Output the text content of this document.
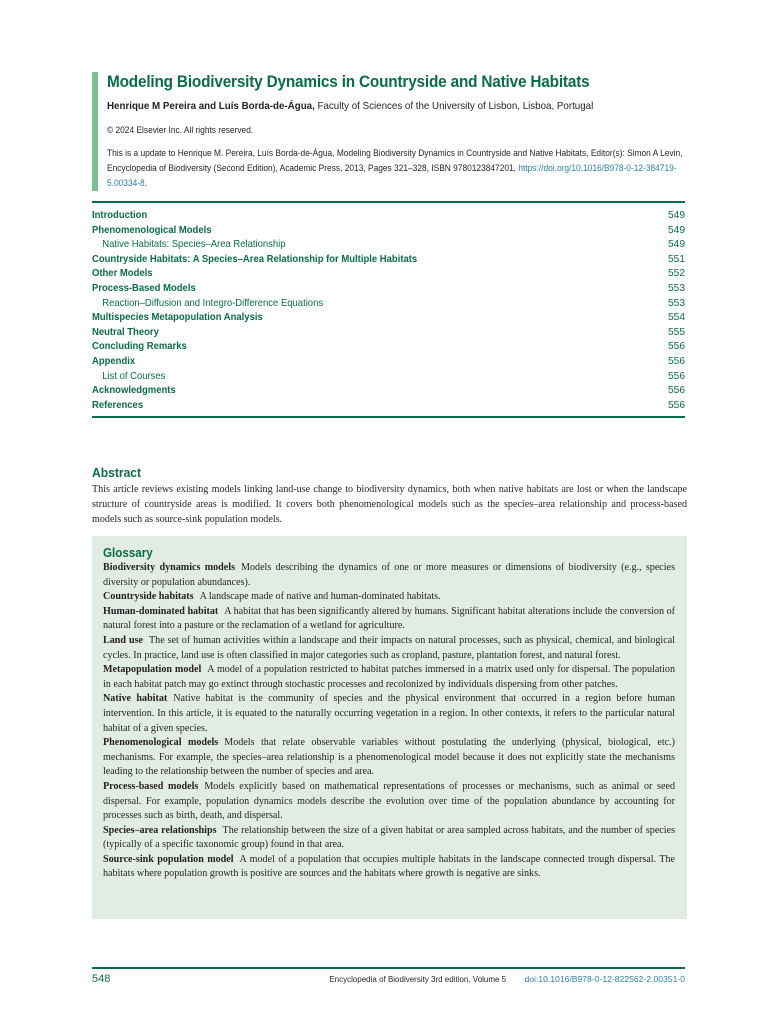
Modeling Biodiversity Dynamics in Countryside and Native Habitats
Henrique M Pereira and Luís Borda-de-Água, Faculty of Sciences of the University of Lisbon, Lisboa, Portugal
© 2024 Elsevier Inc. All rights reserved.
This is a update to Henrique M. Pereira, Luís Borda-de-Água, Modeling Biodiversity Dynamics in Countryside and Native Habitats, Editor(s): Simon A Levin, Encyclopedia of Biodiversity (Second Edition), Academic Press, 2013, Pages 321–328, ISBN 9780123847201, https://doi.org/10.1016/B978-0-12-384719-5.00334-8.
Introduction	549
Phenomenological Models	549
Native Habitats: Species–Area Relationship	549
Countryside Habitats: A Species–Area Relationship for Multiple Habitats	551
Other Models	552
Process-Based Models	553
Reaction–Diffusion and Integro-Difference Equations	553
Multispecies Metapopulation Analysis	554
Neutral Theory	555
Concluding Remarks	556
Appendix	556
List of Courses	556
Acknowledgments	556
References	556
Abstract
This article reviews existing models linking land-use change to biodiversity dynamics, both when native habitats are lost or when the landscape structure of countryside areas is modified. It covers both phenomenological models such as the species–area relationship and process-based models such as source-sink population models.
Glossary
Biodiversity dynamics models Models describing the dynamics of one or more measures or dimensions of biodiversity (e.g., species diversity or population abundances).
Countryside habitats A landscape made of native and human-dominated habitats.
Human-dominated habitat A habitat that has been significantly altered by humans. Significant habitat alterations include the conversion of natural forest into a pasture or the reclamation of a wetland for agriculture.
Land use The set of human activities within a landscape and their impacts on natural processes, such as physical, chemical, and biological cycles. In practice, land use is often classified in major categories such as cropland, pasture, plantation forest, and natural forest.
Metapopulation model A model of a population restricted to habitat patches immersed in a matrix used only for dispersal. The population in each habitat patch may go extinct through stochastic processes and recolonized by individuals dispersing from other patches.
Native habitat Native habitat is the community of species and the physical environment that occurred in a region before human intervention. In this article, it is equated to the naturally occurring vegetation in a region. In other contexts, it refers to the particular natural habitat of a given species.
Phenomenological models Models that relate observable variables without postulating the underlying (physical, biological, etc.) mechanisms. For example, the species–area relationship is a phenomenological model because it does not explicitly state the mechanisms leading to the relationship between the number of species and area.
Process-based models Models explicitly based on mathematical representations of processes or mechanisms, such as animal or seed dispersal. For example, population dynamics models describe the evolution over time of the population abundance by accounting for processes such as birth, death, and dispersal.
Species–area relationships The relationship between the size of a given habitat or area sampled across habitats, and the number of species (typically of a specific taxonomic group) found in that area.
Source-sink population model A model of a population that occupies multiple habitats in the landscape connected trough dispersal. The habitats where population growth is positive are sources and the habitats where growth is negative are sinks.
548	Encyclopedia of Biodiversity 3rd edition, Volume 5 doi:10.1016/B978-0-12-822562-2.00351-0
